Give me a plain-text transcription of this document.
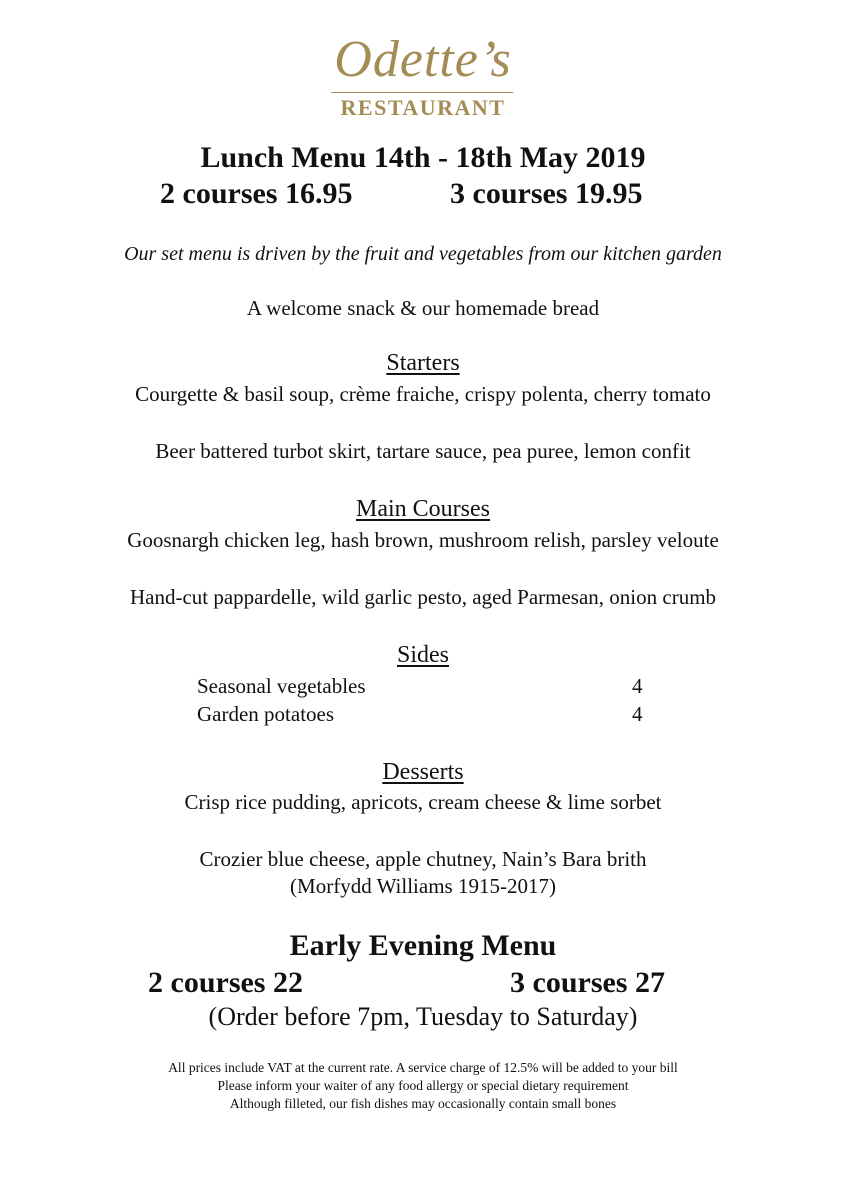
Odette’s
RESTAURANT
Lunch Menu 14th - 18th May 2019
2 courses 16.95	3 courses 19.95
Our set menu is driven by the fruit and vegetables from our kitchen garden
A welcome snack & our homemade bread
Starters
Courgette & basil soup, crème fraiche, crispy polenta, cherry tomato
Beer battered turbot skirt, tartare sauce, pea puree, lemon confit
Main Courses
Goosnargh chicken leg, hash brown, mushroom relish, parsley veloute
Hand-cut pappardelle, wild garlic pesto, aged Parmesan, onion crumb
Sides
Seasonal vegetables	4
Garden potatoes	4
Desserts
Crisp rice pudding, apricots, cream cheese & lime sorbet
Crozier blue cheese, apple chutney, Nain’s Bara brith
(Morfydd Williams 1915-2017)
Early Evening Menu
2 courses 22	3 courses 27
(Order before 7pm, Tuesday to Saturday)
All prices include VAT at the current rate. A service charge of 12.5% will be added to your bill
Please inform your waiter of any food allergy or special dietary requirement
Although filleted, our fish dishes may occasionally contain small bones
